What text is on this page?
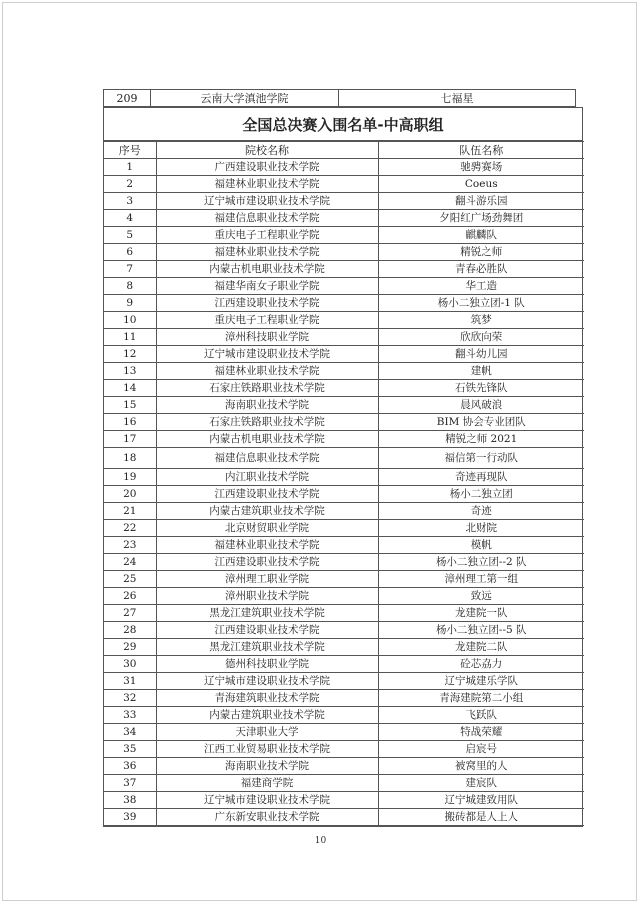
209	云南大学滇池学院	七福星
全国总决赛入围名单-中高职组
序号	院校名称	队伍名称
1	广西建设职业技术学院	驰骋赛场
2	福建林业职业技术学院	Coeus
3	辽宁城市建设职业技术学院	翻斗游乐园
4	福建信息职业技术学院	夕阳红广场劲舞团
5	重庆电子工程职业学院	麒麟队
6	福建林业职业技术学院	精锐之师
7	内蒙古机电职业技术学院	青春必胜队
8	福建华南女子职业学院	华工造
9	江西建设职业技术学院	杨小二独立团-1 队
10	重庆电子工程职业学院	筑梦
11	漳州科技职业学院	欣欣向荣
12	辽宁城市建设职业技术学院	翻斗幼儿园
13	福建林业职业技术学院	建帆
14	石家庄铁路职业技术学院	石铁先锋队
15	海南职业技术学院	晨风破浪
16	石家庄铁路职业技术学院	BIM 协会专业团队
17	内蒙古机电职业技术学院	精锐之师 2021
18	福建信息职业技术学院	福信第一行动队
19	内江职业技术学院	奇迹再现队
20	江西建设职业技术学院	杨小二独立团
21	内蒙古建筑职业技术学院	奇迹
22	北京财贸职业学院	北财院
23	福建林业职业技术学院	模帆
24	江西建设职业技术学院	杨小二独立团--2 队
25	漳州理工职业学院	漳州理工第一组
26	漳州职业技术学院	致远
27	黑龙江建筑职业技术学院	龙建院一队
28	江西建设职业技术学院	杨小二独立团--5 队
29	黑龙江建筑职业技术学院	龙建院二队
30	德州科技职业学院	砼芯劦力
31	辽宁城市建设职业技术学院	辽宁城建乐学队
32	青海建筑职业技术学院	青海建院第二小组
33	内蒙古建筑职业技术学院	飞跃队
34	天津职业大学	特战荣耀
35	江西工业贸易职业技术学院	启宸号
36	海南职业技术学院	被窝里的人
37	福建商学院	建宸队
38	辽宁城市建设职业技术学院	辽宁城建致用队
39	广东新安职业技术学院	搬砖都是人上人
10
